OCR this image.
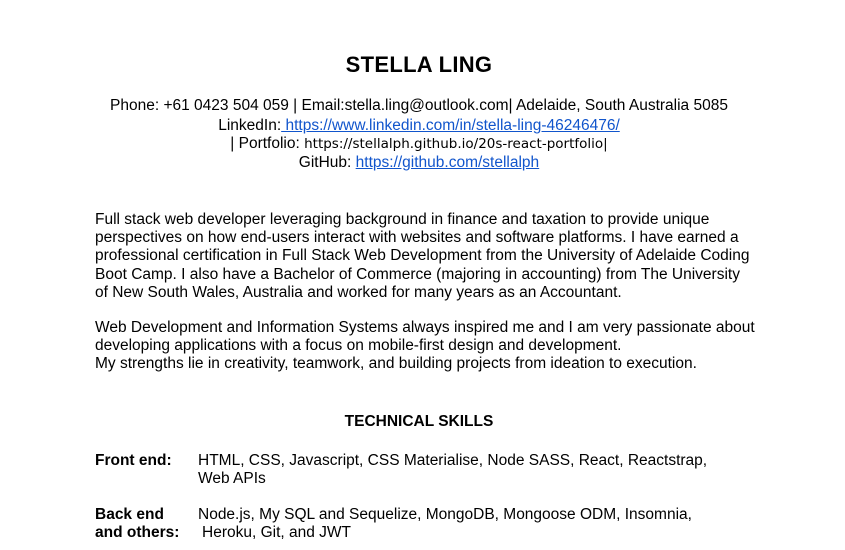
STELLA LING
Phone: +61 0423 504 059 | Email:stella.ling@outlook.com| Adelaide, South Australia 5085
LinkedIn: https://www.linkedin.com/in/stella-ling-46246476/
| Portfolio: https://stellalph.github.io/20s-react-portfolio|
GitHub: https://github.com/stellalph
Full stack web developer leveraging background in finance and taxation to provide unique perspectives on how end-users interact with websites and software platforms. I have earned a professional certification in Full Stack Web Development from the University of Adelaide Coding Boot Camp. I also have a Bachelor of Commerce (majoring in accounting) from The University of New South Wales, Australia and worked for many years as an Accountant.
Web Development and Information Systems always inspired me and I am very passionate about developing applications with a focus on mobile-first design and development.
My strengths lie in creativity, teamwork, and building projects from ideation to execution.
TECHNICAL SKILLS
Front end:	HTML, CSS, Javascript, CSS Materialise, Node SASS, React, Reactstrap, Web APIs
Back end
and others:
Node.js, My SQL and Sequelize, MongoDB, Mongoose ODM, Insomnia,
Heroku, Git, and JWT
